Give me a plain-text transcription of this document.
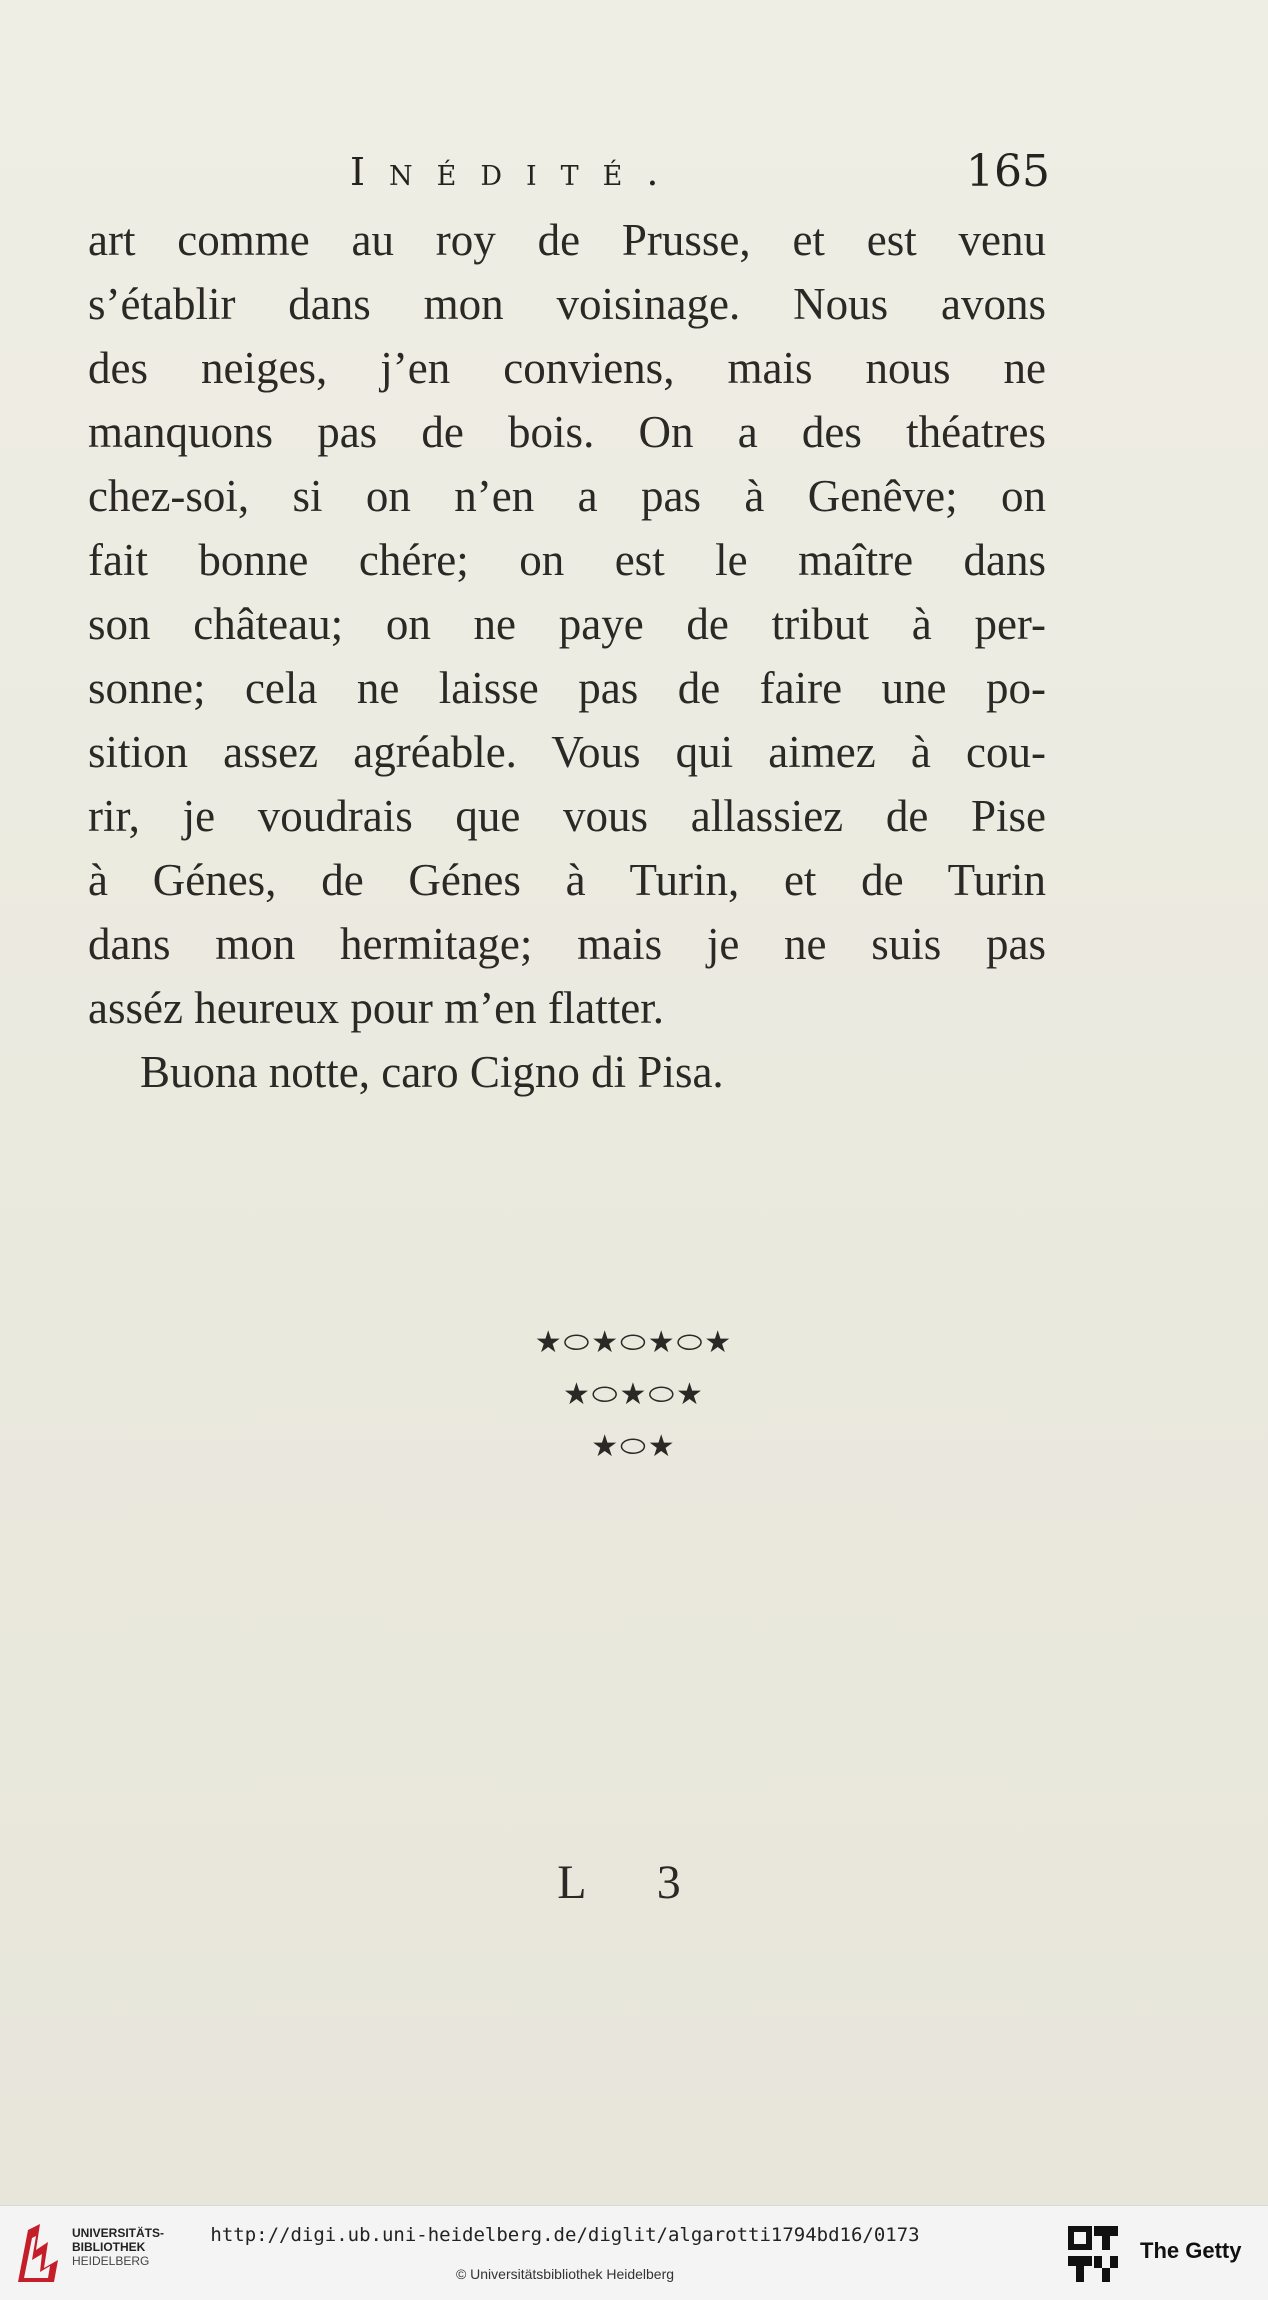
Inédité.	165
art comme au roy de Prusse, et est venu
s’établir dans mon voisinage. Nous avons
des neiges, j’en conviens, mais nous ne
manquons pas de bois. On a des théatres
chez-soi, si on n’en a pas à Genêve; on
fait bonne chére; on est le maître dans
son château; on ne paye de tribut à per-
sonne; cela ne laisse pas de faire une po-
sition assez agréable. Vous qui aimez à cou-
rir, je voudrais que vous allassiez de Pise
à Génes, de Génes à Turin, et de Turin
dans mon hermitage; mais je ne suis pas
asséz heureux pour m’en flatter.
Buona notte, caro Cigno di Pisa.
★⬭★⬭★⬭★
★⬭★⬭★
★⬭★
L 3
UNIVERSITÄTS-
BIBLIOTHEK
HEIDELBERG
http://digi.ub.uni-heidelberg.de/diglit/algarotti1794bd16/0173
© Universitätsbibliothek Heidelberg
The Getty
